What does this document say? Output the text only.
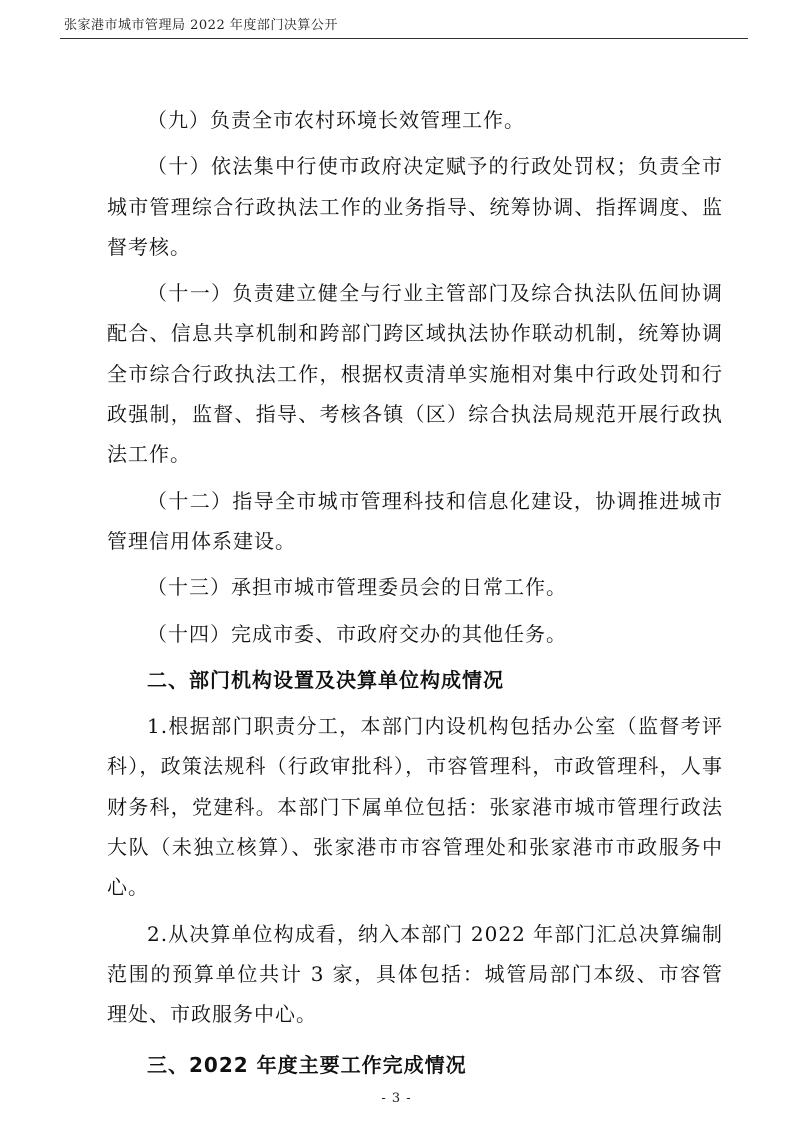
张家港市城市管理局 2022 年度部门决算公开

（九）负责全市农村环境长效管理工作。

（十）依法集中行使市政府决定赋予的行政处罚权；负责全市城市管理综合行政执法工作的业务指导、统筹协调、指挥调度、监督考核。

（十一）负责建立健全与行业主管部门及综合执法队伍间协调配合、信息共享机制和跨部门跨区域执法协作联动机制，统筹协调全市综合行政执法工作，根据权责清单实施相对集中行政处罚和行政强制，监督、指导、考核各镇（区）综合执法局规范开展行政执法工作。

（十二）指导全市城市管理科技和信息化建设，协调推进城市管理信用体系建设。

（十三）承担市城市管理委员会的日常工作。

（十四）完成市委、市政府交办的其他任务。

二、部门机构设置及决算单位构成情况

1.根据部门职责分工，本部门内设机构包括办公室（监督考评科），政策法规科（行政审批科），市容管理科，市政管理科，人事财务科，党建科。本部门下属单位包括：张家港市城市管理行政法大队（未独立核算）、张家港市市容管理处和张家港市市政服务中心。

2.从决算单位构成看，纳入本部门 2022 年部门汇总决算编制范围的预算单位共计 3 家，具体包括：城管局部门本级、市容管理处、市政服务中心。

三、2022 年度主要工作完成情况

- 3 -
